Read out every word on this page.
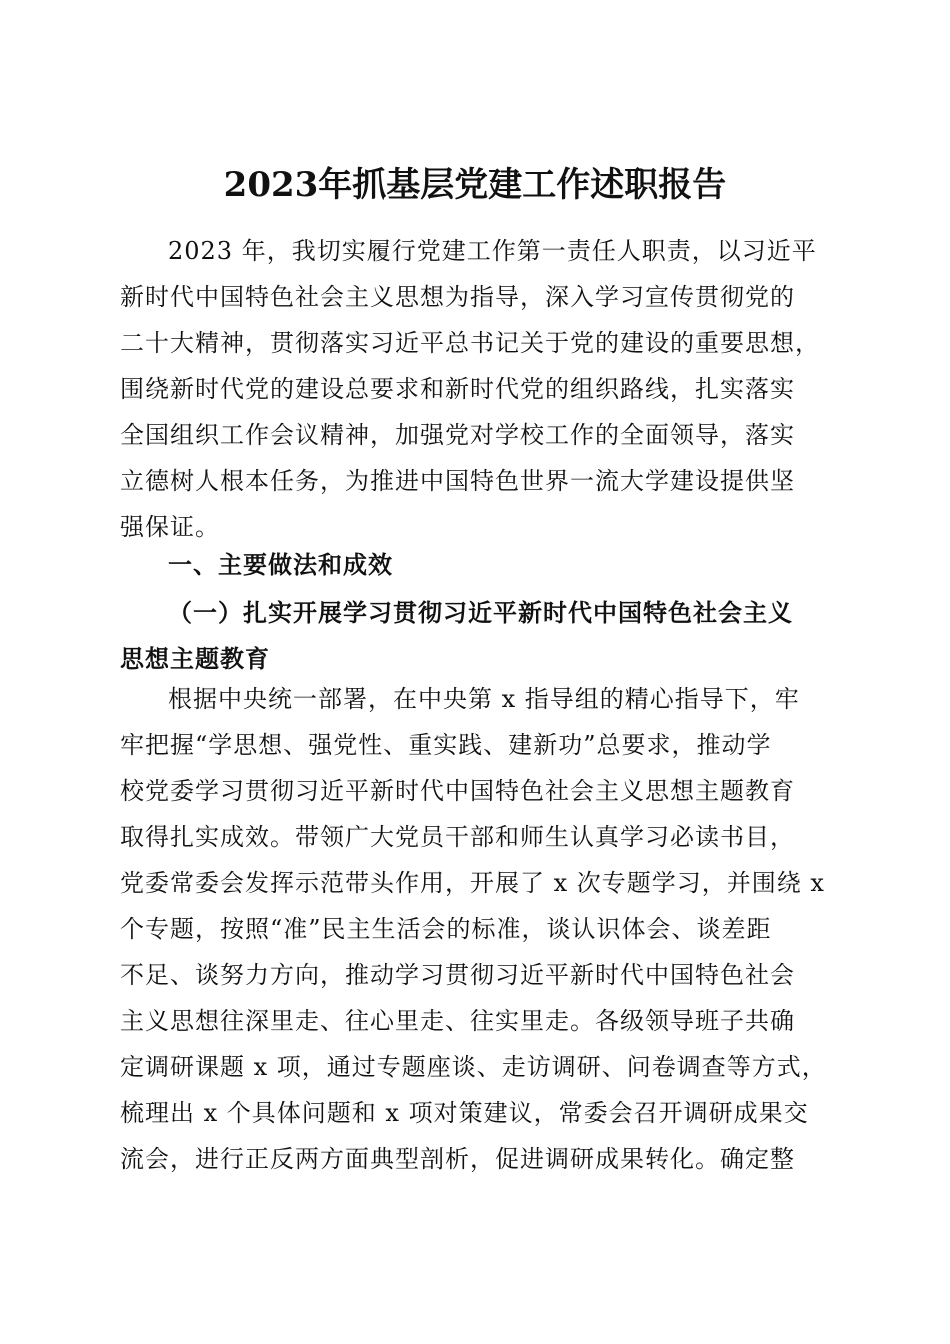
2023年抓基层党建工作述职报告
2023 年，我切实履行党建工作第一责任人职责，以习近平
新时代中国特色社会主义思想为指导，深入学习宣传贯彻党的
二十大精神，贯彻落实习近平总书记关于党的建设的重要思想，
围绕新时代党的建设总要求和新时代党的组织路线，扎实落实
全国组织工作会议精神，加强党对学校工作的全面领导，落实
立德树人根本任务，为推进中国特色世界一流大学建设提供坚
强保证。
一、主要做法和成效
（一）扎实开展学习贯彻习近平新时代中国特色社会主义
思想主题教育
根据中央统一部署，在中央第 x 指导组的精心指导下，牢
牢把握“学思想、强党性、重实践、建新功”总要求，推动学
校党委学习贯彻习近平新时代中国特色社会主义思想主题教育
取得扎实成效。带领广大党员干部和师生认真学习必读书目，
党委常委会发挥示范带头作用，开展了 x 次专题学习，并围绕 x
个专题，按照“准”民主生活会的标准，谈认识体会、谈差距
不足、谈努力方向，推动学习贯彻习近平新时代中国特色社会
主义思想往深里走、往心里走、往实里走。各级领导班子共确
定调研课题 x 项，通过专题座谈、走访调研、问卷调查等方式，
梳理出 x 个具体问题和 x 项对策建议，常委会召开调研成果交
流会，进行正反两方面典型剖析，促进调研成果转化。确定整
